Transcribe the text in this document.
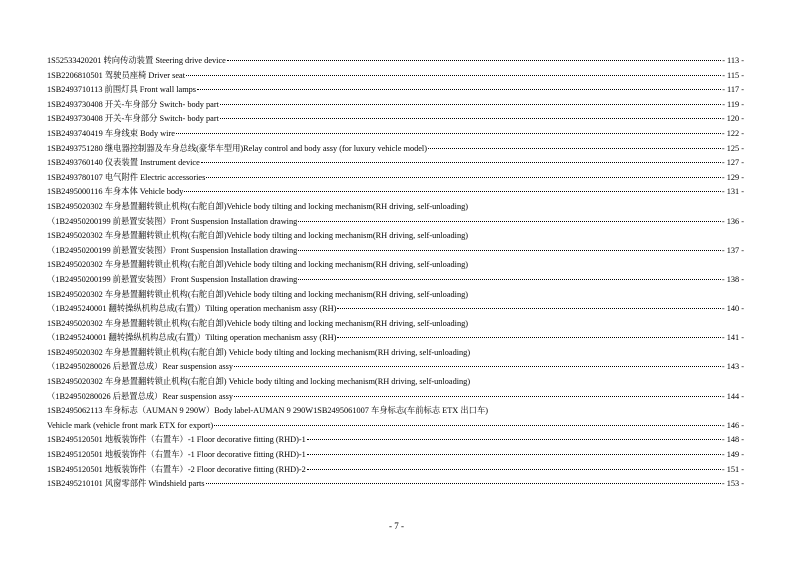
1S52533420201 转向传动装置 Steering drive device	- 113 -
1SB2206810501 驾驶员座椅 Driver seat	- 115 -
1SB2493710113 前围灯具 Front wall lamps	- 117 -
1SB2493730408 开关-车身部分 Switch- body part	- 119 -
1SB2493730408 开关-车身部分 Switch- body part	- 120 -
1SB2493740419 车身线束 Body wire	- 122 -
1SB2493751280 继电器控制器及车身总线(豪华车型用)Relay control and body assy (for luxury vehicle model)	- 125 -
1SB2493760140 仪表装置 Instrument device	- 127 -
1SB2493780107 电气附件 Electric accessories	- 129 -
1SB2495000116 车身本体 Vehicle body	- 131 -
1SB2495020302 车身悬置翻转锁止机构(右舵自卸)Vehicle body tilting and locking mechanism(RH driving, self-unloading)
（1B24950200199 前悬置安装图）Front Suspension Installation drawing	- 136 -
1SB2495020302 车身悬置翻转锁止机构(右舵自卸)Vehicle body tilting and locking mechanism(RH driving, self-unloading)
（1B24950200199 前悬置安装图）Front Suspension Installation drawing	- 137 -
1SB2495020302 车身悬置翻转锁止机构(右舵自卸)Vehicle body tilting and locking mechanism(RH driving, self-unloading)
（1B24950200199 前悬置安装图）Front Suspension Installation drawing	- 138 -
1SB2495020302 车身悬置翻转锁止机构(右舵自卸)Vehicle body tilting and locking mechanism(RH driving, self-unloading)
（1B2495240001 翻转操纵机构总成(右置)）Tilting operation mechanism assy (RH)	- 140 -
1SB2495020302 车身悬置翻转锁止机构(右舵自卸)Vehicle body tilting and locking mechanism(RH driving, self-unloading)
（1B2495240001 翻转操纵机构总成(右置)）Tilting operation mechanism assy (RH)	- 141 -
1SB2495020302 车身悬置翻转锁止机构(右舵自卸) Vehicle body tilting and locking mechanism(RH driving, self-unloading)
（1B24950280026 后悬置总成）Rear suspension assy	- 143 -
1SB2495020302 车身悬置翻转锁止机构(右舵自卸) Vehicle body tilting and locking mechanism(RH driving, self-unloading)
（1B24950280026 后悬置总成）Rear suspension assy	- 144 -
1SB2495062113 车身标志（AUMAN 9 290W）Body label-AUMAN 9 290W1SB2495061007 车身标志(车前标志 ETX 出口车)
Vehicle mark (vehicle front mark ETX for export)	- 146 -
1SB2495120501 地板装饰件（右置车）-1 Floor decorative fitting (RHD)-1	- 148 -
1SB2495120501 地板装饰件（右置车）-1 Floor decorative fitting (RHD)-1	- 149 -
1SB2495120501 地板装饰件（右置车）-2 Floor decorative fitting (RHD)-2	- 151 -
1SB2495210101 风窗零部件 Windshield parts	- 153 -
- 7 -
